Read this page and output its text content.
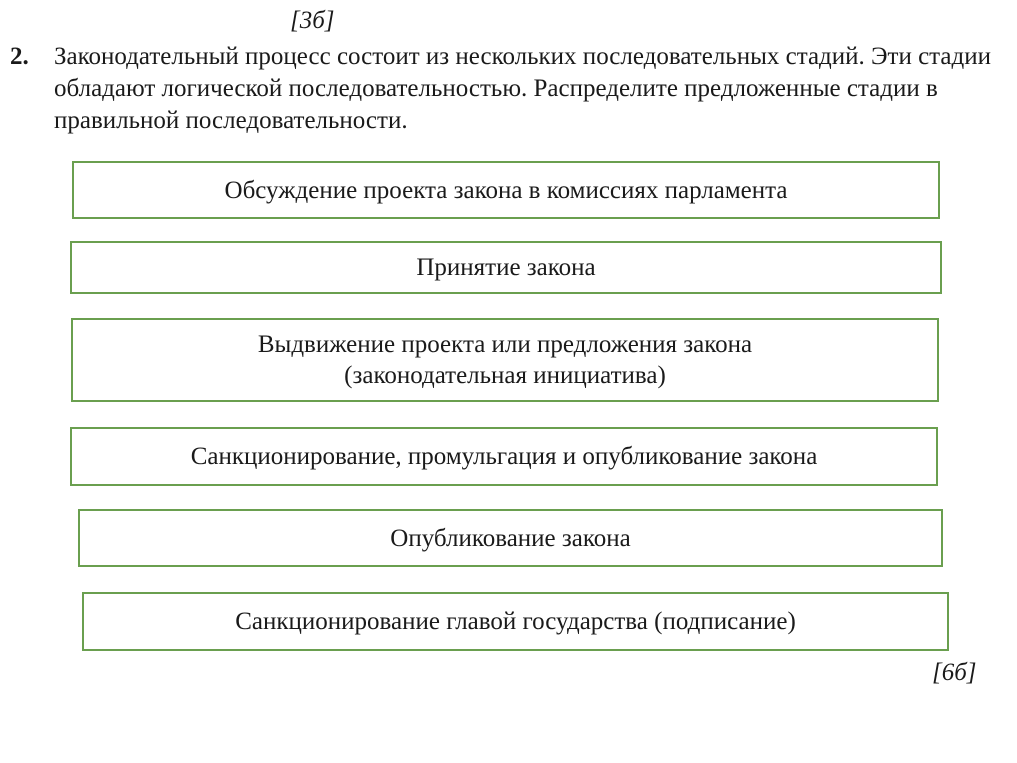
[3б]
2. Законодательный процесс состоит из нескольких последовательных стадий. Эти стадии обладают логической последовательностью. Распределите предложенные стадии в правильной последовательности.
Обсуждение проекта закона в комиссиях парламента
Принятие закона
Выдвижение проекта или предложения закона
(законодательная инициатива)
Санкционирование, промульгация и опубликование закона
Опубликование закона
Санкционирование главой государства (подписание)
[6б]
